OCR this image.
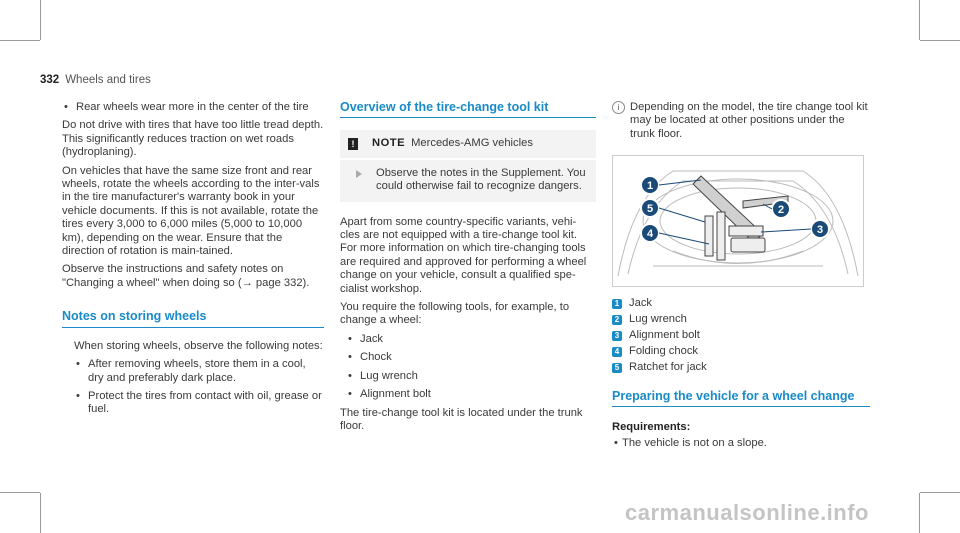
332 Wheels and tires
• Rear wheels wear more in the center of the tire

Do not drive with tires that have too little tread depth. This significantly reduces traction on wet roads (hydroplaning).

On vehicles that have the same size front and rear wheels, rotate the wheels according to the inter-vals in the tire manufacturer's warranty book in your vehicle documents. If this is not available, rotate the tires every 3,000 to 6,000 miles (5,000 to 10,000 km), depending on the wear. Ensure that the direction of rotation is main-tained.

Observe the instructions and safety notes on "Changing a wheel" when doing so (→ page 332).

Notes on storing wheels

When storing wheels, observe the following notes:

• After removing wheels, store them in a cool, dry and preferably dark place.
• Protect the tires from contact with oil, grease or fuel.
Overview of the tire-change tool kit
!	NOTE Mercedes-AMG vehicles
Observe the notes in the Supplement. You could otherwise fail to recognize dangers.

Apart from some country-specific variants, vehi-cles are not equipped with a tire-change tool kit. For more information on which tire-changing tools are required and approved for performing a wheel change on your vehicle, consult a qualified spe-cialist workshop.

You require the following tools, for example, to change a wheel:

• Jack
• Chock
• Lug wrench
• Alignment bolt

The tire-change tool kit is located under the trunk floor.

i Depending on the model, the tire change tool kit may be located at other positions under the trunk floor.
1
5
4
2
3
1 Jack
2 Lug wrench
3 Alignment bolt
4 Folding chock
5 Ratchet for jack
Preparing the vehicle for a wheel change
Requirements:
• The vehicle is not on a slope.
carmanualsonline.info
